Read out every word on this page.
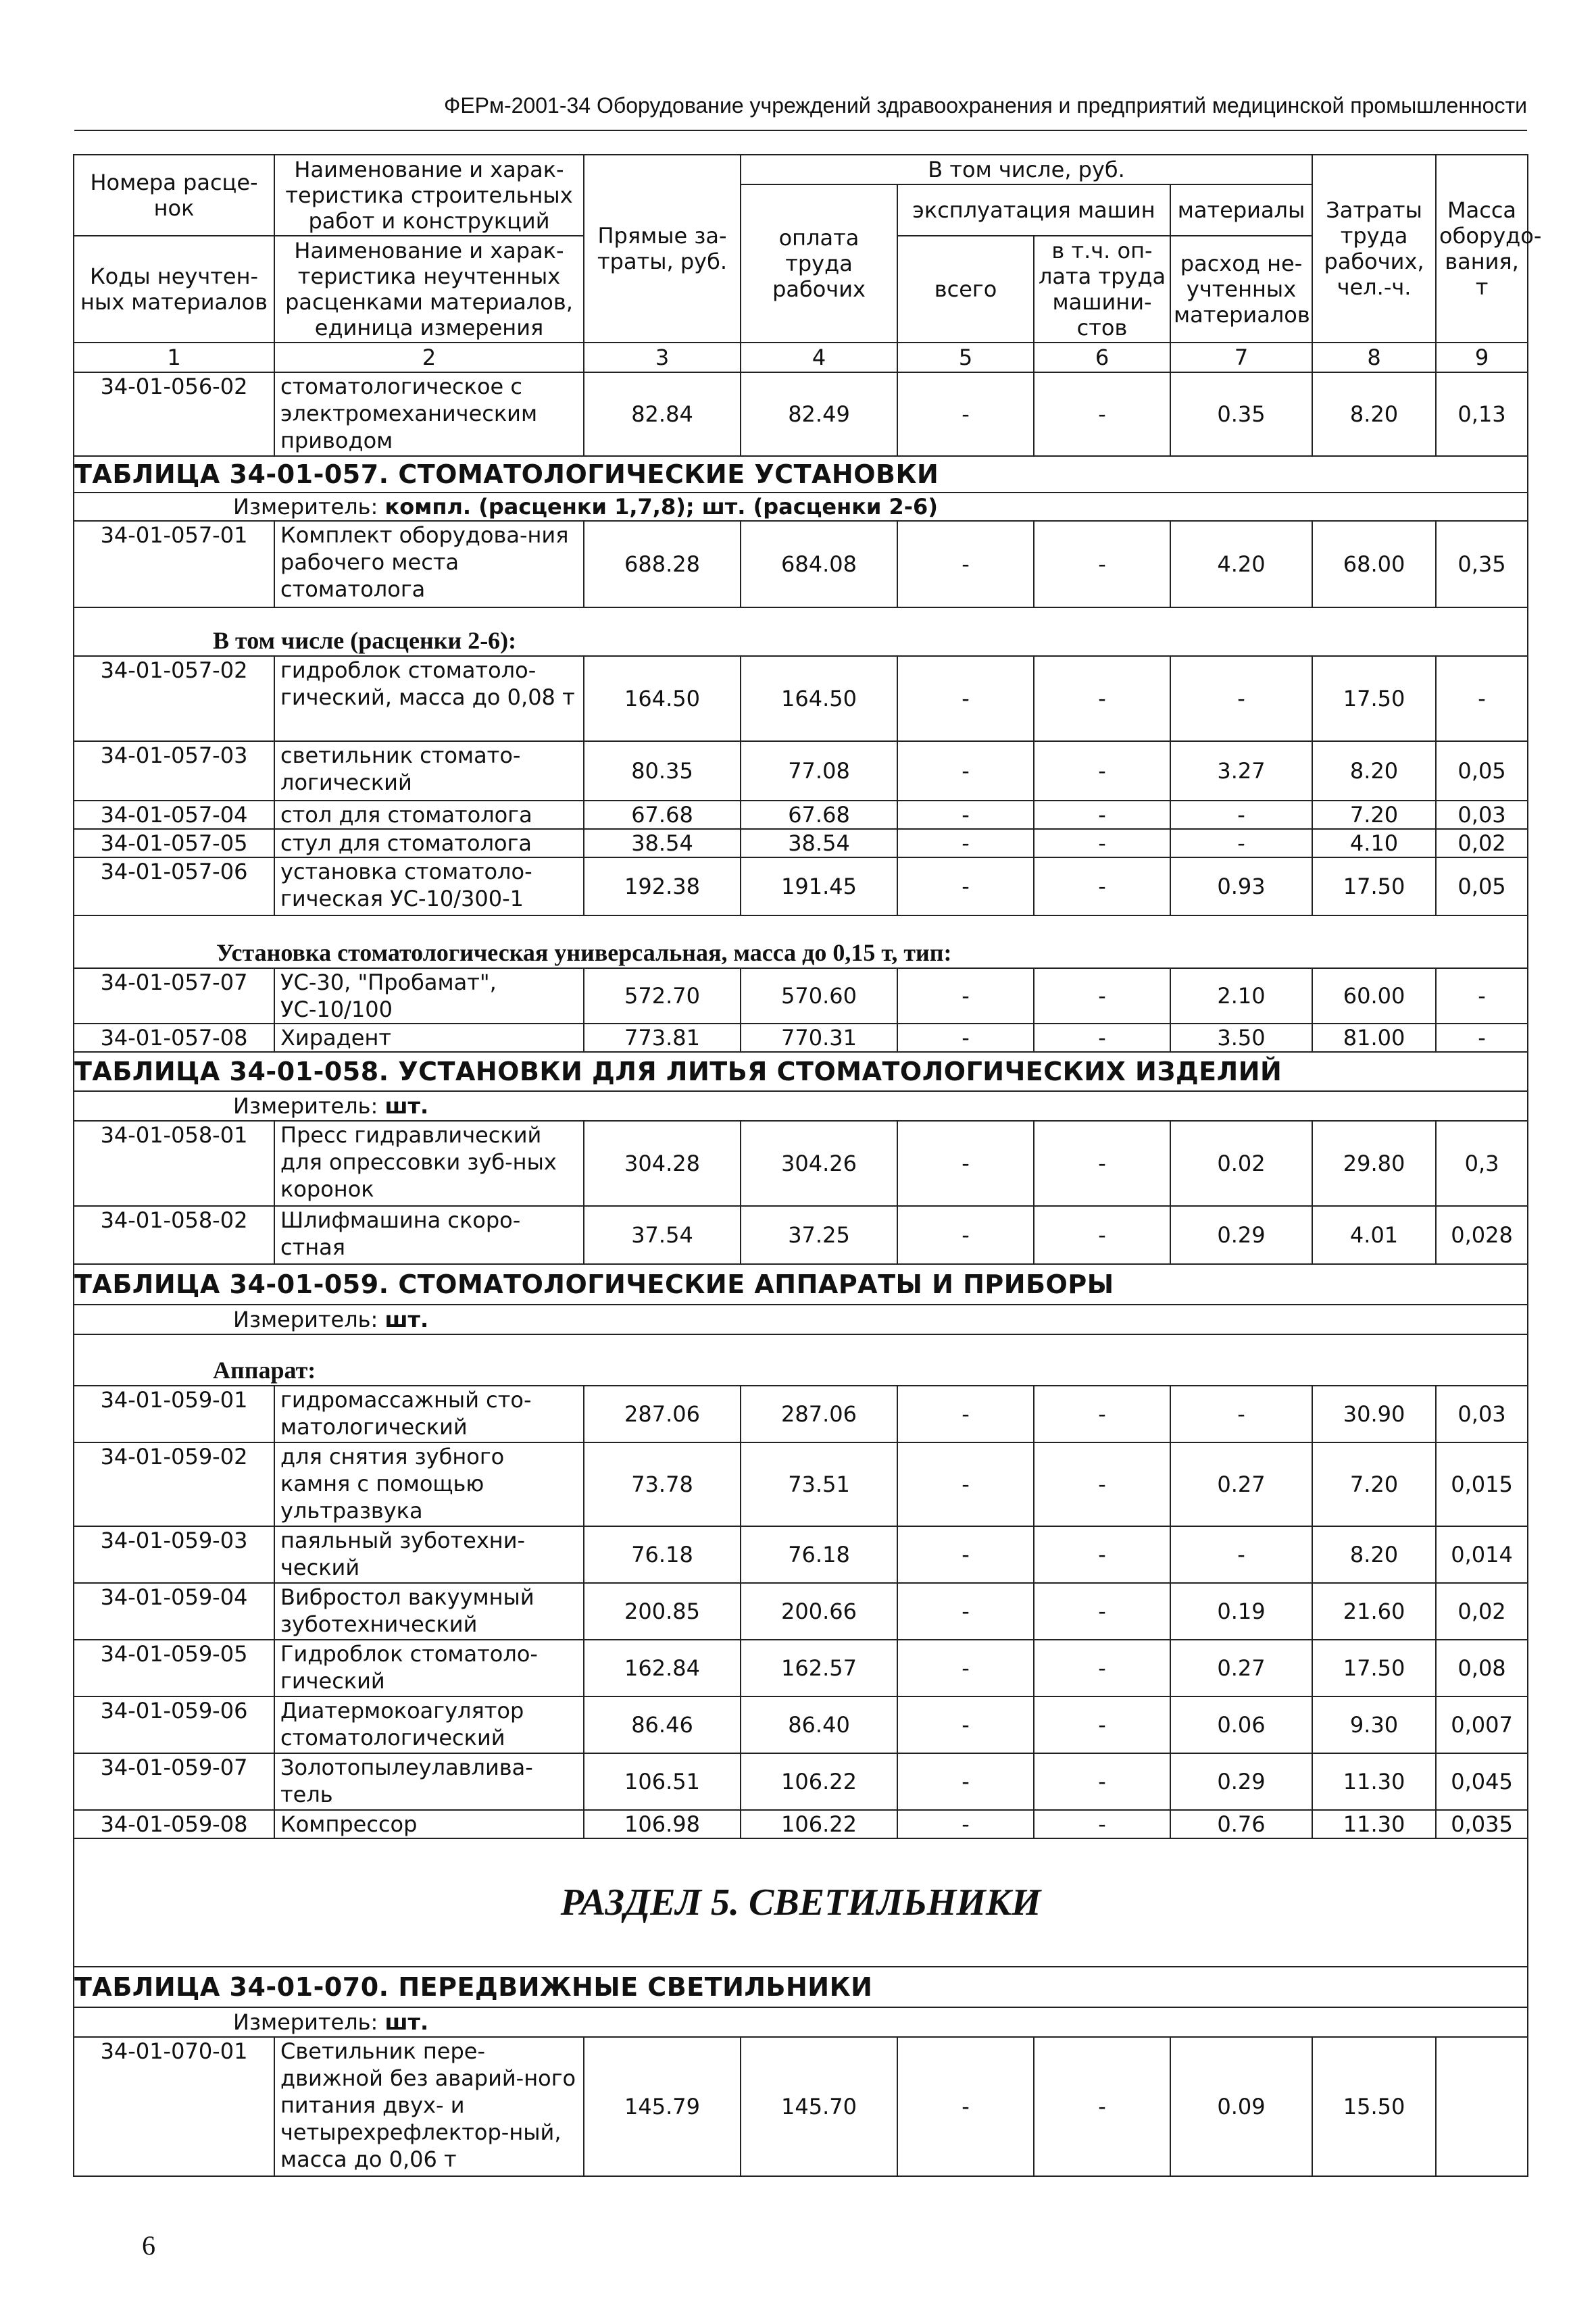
ФЕРм-2001-34 Оборудование учреждений здравоохранения и предприятий медицинской промышленности
Номера расце-нок	Наименование и харак-теристика строительных работ и конструкций	Прямые за-траты, руб.	В том числе, руб.				Затраты труда рабочих, чел.-ч.	Масса оборудо-вания, т
			оплата труда рабочих	эксплуатация машин		материалы		
Коды неучтен-ных материалов	Наименование и харак-теристика неучтенных расценками материалов, единица измерения			всего	в т.ч. оп-лата труда машини-стов	расход не-учтенных материалов		

1	2	3	4	5	6	7	8	9
34-01-056-02	стоматологическое с электромеханическим приводом	82.84	82.49	-	-	0.35	8.20	0,13

ТАБЛИЦА 34-01-057. СТОМАТОЛОГИЧЕСКИЕ УСТАНОВКИ								

Измеритель: компл. (расценки 1,7,8); шт. (расценки 2-6)								

34-01-057-01	Комплект оборудова-ния рабочего места стоматолога	688.28	684.08	-	-	4.20	68.00	0,35

В том числе (расценки 2-6):								

34-01-057-02	гидроблок стоматоло-гический, масса до 0,08 т	164.50	164.50	-	-	-	17.50	-
34-01-057-03	светильник стомато-логический	80.35	77.08	-	-	3.27	8.20	0,05
34-01-057-04	стол для стоматолога	67.68	67.68	-	-	-	7.20	0,03
34-01-057-05	стул для стоматолога	38.54	38.54	-	-	-	4.10	0,02
34-01-057-06	установка стоматоло-гическая УС-10/300-1	192.38	191.45	-	-	0.93	17.50	0,05

Установка стоматологическая универсальная, масса до 0,15 т, тип:								

34-01-057-07	УС-30, "Пробамат", УС-10/100	572.70	570.60	-	-	2.10	60.00	-
34-01-057-08	Хирадент	773.81	770.31	-	-	3.50	81.00	-

ТАБЛИЦА 34-01-058. УСТАНОВКИ ДЛЯ ЛИТЬЯ СТОМАТОЛОГИЧЕСКИХ ИЗДЕЛИЙ								

Измеритель: шт.								

34-01-058-01	Пресс гидравлический для опрессовки зуб-ных коронок	304.28	304.26	-	-	0.02	29.80	0,3
34-01-058-02	Шлифмашина скоро-стная	37.54	37.25	-	-	0.29	4.01	0,028

ТАБЛИЦА 34-01-059. СТОМАТОЛОГИЧЕСКИЕ АППАРАТЫ И ПРИБОРЫ								

Измеритель: шт.								

Аппарат:								

34-01-059-01	гидромассажный сто-матологический	287.06	287.06	-	-	-	30.90	0,03
34-01-059-02	для снятия зубного камня с помощью ультразвука	73.78	73.51	-	-	0.27	7.20	0,015
34-01-059-03	паяльный зуботехни-ческий	76.18	76.18	-	-	-	8.20	0,014
34-01-059-04	Вибростол вакуумный зуботехнический	200.85	200.66	-	-	0.19	21.60	0,02
34-01-059-05	Гидроблок стоматоло-гический	162.84	162.57	-	-	0.27	17.50	0,08
34-01-059-06	Диатермокоагулятор стоматологический	86.46	86.40	-	-	0.06	9.30	0,007
34-01-059-07	Золотопылеулавлива-тель	106.51	106.22	-	-	0.29	11.30	0,045
34-01-059-08	Компрессор	106.98	106.22	-	-	0.76	11.30	0,035

РАЗДЕЛ 5. СВЕТИЛЬНИКИ								

ТАБЛИЦА 34-01-070. ПЕРЕДВИЖНЫЕ СВЕТИЛЬНИКИ								

Измеритель: шт.								

34-01-070-01	Светильник пере-движной без аварий-ного питания двух- и четырехрефлектор-ный, масса до 0,06 т	145.79	145.70	-	-	0.09	15.50	
6
